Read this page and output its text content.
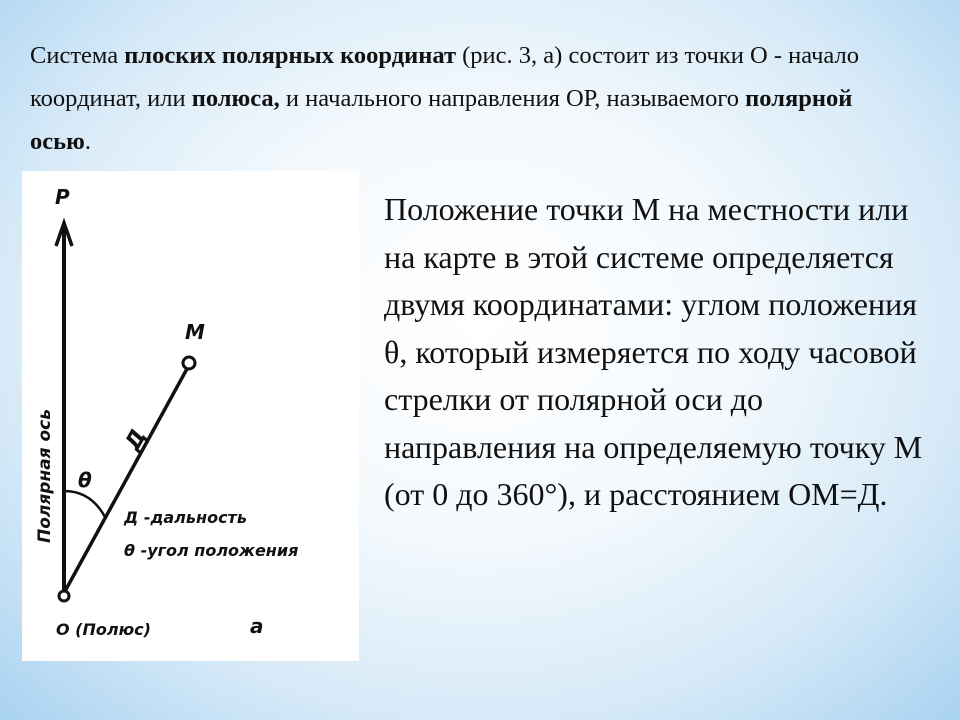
Система плоских полярных координат (рис. 3, а) состоит из точки О - начало координат, или полюса, и начального направления ОР, называемого полярной осью.

P
M
Д
θ
Полярная ось	Д -дальность
θ -угол положения
O (Полюс)	а

Положение точки М на местности или на карте в этой системе определяется двумя координатами: углом положения θ, который измеряется по ходу часовой стрелки от полярной оси до направления на определяемую точку М (от 0 до 360°), и расстоянием ОМ=Д.
